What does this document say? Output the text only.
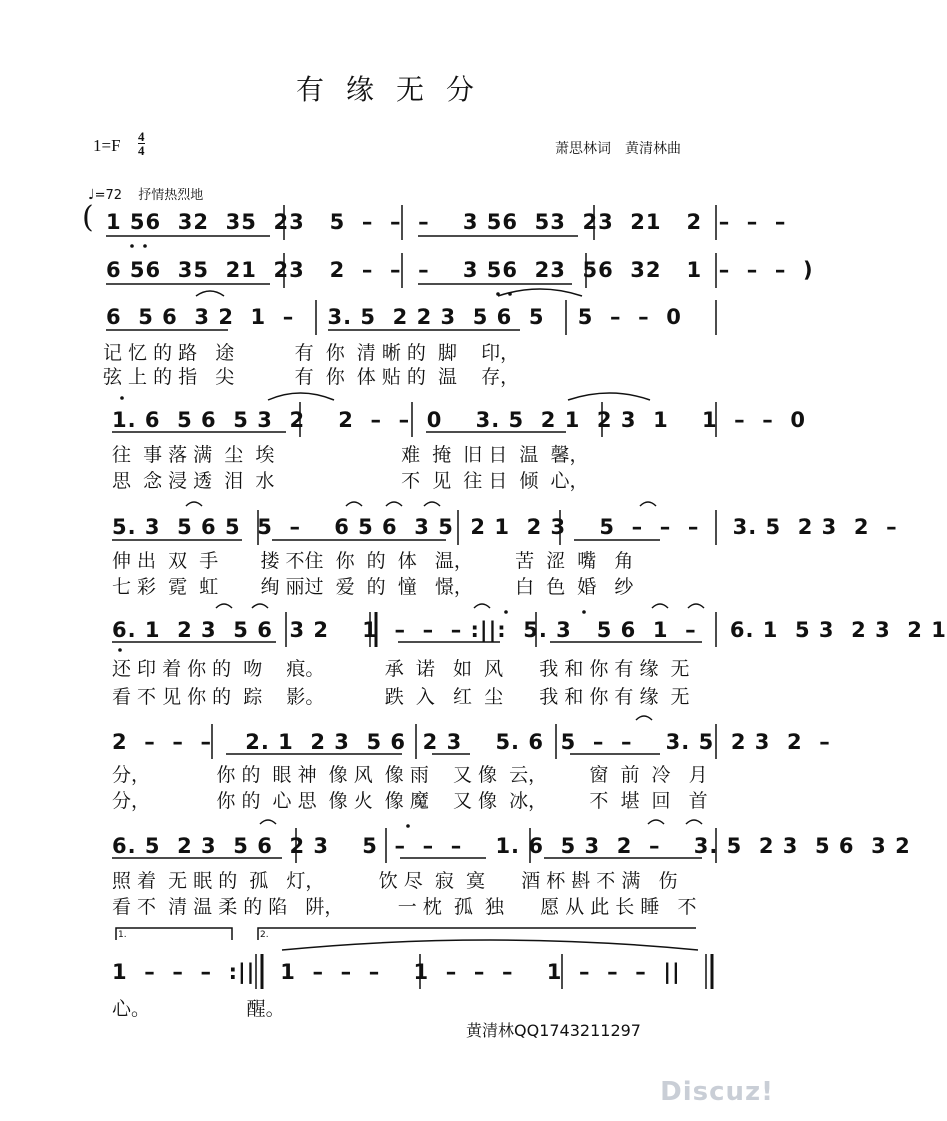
有缘无分
$1=F \frac{4}{4}$	萧思林词　黄清林曲
♩=72 抒情热烈地
( 1 56  32  35  23   5  –  –  –    3 56  53  23  21   2  –  –  –
6 56  35  21  23   2  –  –  –    3 56  23  56  32   1  –  –  –  )
6  5 6  3 2  1  –    3. 5  2 2 3  5 6  5    5  –  –  0
记 忆 的 路   途          有  你  清 晰 的  脚    印，
弦 上 的 指   尖          有  你  体 贴 的  温    存，
1. 6  5 6  5 3  2    2  –  –  0    3. 5  2 1  2 3  1    1  –  –  0
往  事 落 满  尘  埃                     难  掩  旧 日  温  馨，
思  念 浸 透  泪  水                     不  见  往 日  倾  心，
5. 3  5 6 5  5  –    6 5 6  3 5  2 1  2 3    5  –  –  –    3. 5  2 3  2  –
伸 出  双  手       搂 不住  你  的  体   温，       苦  涩  嘴   角
七 彩  霓  虹       绚 丽过  爱  的  憧   憬，       白  色  婚   纱
6. 1  2 3  5 6  3 2    1  –  –  – :||:  5. 3   5 6  1  –    6. 1  5 3  2 3  2 1
还 印 着 你 的  吻    痕。          承  诺   如  风      我 和 你 有 缘  无
看 不 见 你 的  踪    影。          跌  入   红  尘      我 和 你 有 缘  无
2  –  –  –    2. 1  2 3  5 6  2 3    5. 6  5  –  –    3. 5  2 3  2  –
分，           你 的  眼 神  像 风  像 雨    又 像  云，       窗  前  冷   月
分，           你 的  心 思  像 火  像 魔    又 像  冰，       不  堪  回   首
6. 5  2 3  5 6  2 3    5  –  –  –    1. 6  5 3  2  –    3. 5  2 3  5 6  3 2
照 着  无 眠 的  孤   灯，         饮 尽  寂  寞      酒 杯 斟 不 满   伤
看 不  清 温 柔 的 陷   阱，         一 枕  孤  独      愿 从 此 长 睡   不
1.	2.
1  –  –  –  :||   1  –  –  –    1  –  –  –    1  –  –  –  ||
心。                醒。
黄清林QQ1743211297
Discuz!
